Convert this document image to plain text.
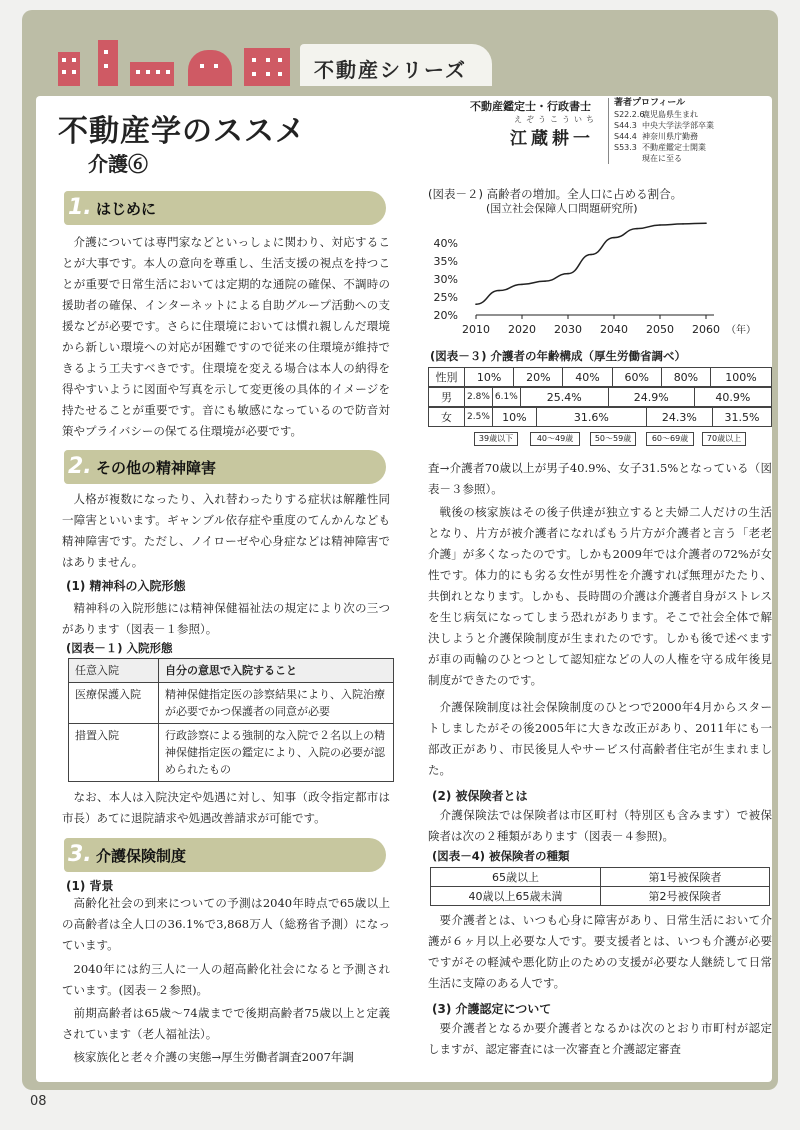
不動産シリーズ
不動産学のススメ
介護⑥
不動産鑑定士・行政書士
えぞうこういち
江蔵耕一
著者プロフィール
S22.2.6
鹿児島県生まれ
S44.3 中央大学法学部卒業
S44.4 神奈川県庁勤務
S53.3 不動産鑑定士開業
現在に至る
1. はじめに
介護については専門家などといっしょに関わり、対応することが大事です。本人の意向を尊重し、生活支援の視点を持つことが重要で日常生活においては定期的な通院の確保、不調時の援助者の確保、インターネットによる自助グループ活動への支援などが必要です。さらに住環境においては慣れ親しんだ環境から新しい環境への対応が困難ですので従来の住環境が維持できるよう工夫すべきです。住環境を変える場合は本人の納得を得やすいように図面や写真を示して変更後の具体的イメージを持たせることが重要です。音にも敏感になっているので防音対策やプライバシーの保てる住環境が必要です。
2. その他の精神障害
人格が複数になったり、入れ替わったりする症状は解離性同一障害といいます。ギャンブル依存症や重度のてんかんなども精神障害です。ただし、ノイローゼや心身症などは精神障害ではありません。
(1) 精神科の入院形態
精神科の入院形態には精神保健福祉法の規定により次の三つがあります（図表－１参照）。
(図表－１) 入院形態
任意入院	自分の意思で入院すること
医療保護入院	精神保健指定医の診察結果により、入院治療が必要でかつ保護者の同意が必要
措置入院	行政診察による強制的な入院で２名以上の精神保健指定医の鑑定により、入院の必要が認められたもの
なお、本人は入院決定や処遇に対し、知事（政令指定都市は市長）あてに退院請求や処遇改善請求が可能です。
3. 介護保険制度
(1) 背景
高齢化社会の到来についての予測は2040年時点で65歳以上の高齢者は全人口の36.1%で3,868万人（総務省予測）になっています。
2040年には約三人に一人の超高齢化社会になると予測されています。(図表－２参照)。
前期高齢者は65歳～74歳までで後期高齢者75歳以上と定義されています（老人福祉法）。
核家族化と老々介護の実態→厚生労働者調査2007年調
(図表－２) 高齢者の増加。全人口に占める割合。
(国立社会保障人口問題研究所)
40%
35%
30%
25%
20%
2010 2020 2030 2040 2050 2060 （年）
(図表－３) 介護者の年齢構成（厚生労働省調べ）
性別	10%	20%	40%	60%	80%	100%
男	2.8%	6.1%	25.4%	24.9%	40.9%
女	2.5%	10%	31.6%	24.3%	31.5%
39歳以下	40～49歳	50～59歳	60～69歳	70歳以上
査→介護者70歳以上が男子40.9%、女子31.5%となっている（図表－３参照）。
戦後の核家族はその後子供達が独立すると夫婦二人だけの生活となり、片方が被介護者になればもう片方が介護者と言う「老老介護」が多くなったのです。しかも2009年では介護者の72%が女性です。体力的にも劣る女性が男性を介護すれば無理がたたり、共倒れとなります。しかも、長時間の介護は介護者自身がストレスを生じ病気になってしまう恐れがあります。そこで社会全体で解決しようと介護保険制度が生まれたのです。しかも後で述べますが車の両輪のひとつとして認知症などの人の人権を守る成年後見制度ができたのです。
介護保険制度は社会保険制度のひとつで2000年4月からスタートしましたがその後2005年に大きな改正があり、2011年にも一部改正があり、市民後見人やサービス付高齢者住宅が生まれました。
(2) 被保険者とは
介護保険法では保険者は市区町村（特別区も含みます）で被保険者は次の２種類があります（図表－４参照)。
(図表－4) 被保険者の種類
65歳以上	第1号被保険者
40歳以上65歳未満	第2号被保険者
要介護者とは、いつも心身に障害があり、日常生活において介護が６ヶ月以上必要な人です。要支援者とは、いつも介護が必要ですがその軽減や悪化防止のための支援が必要な人継続して日常生活に支障のある人です。
(3) 介護認定について
要介護者となるか要介護者となるかは次のとおり市町村が認定しますが、認定審査には一次審査と介護認定審査
08
